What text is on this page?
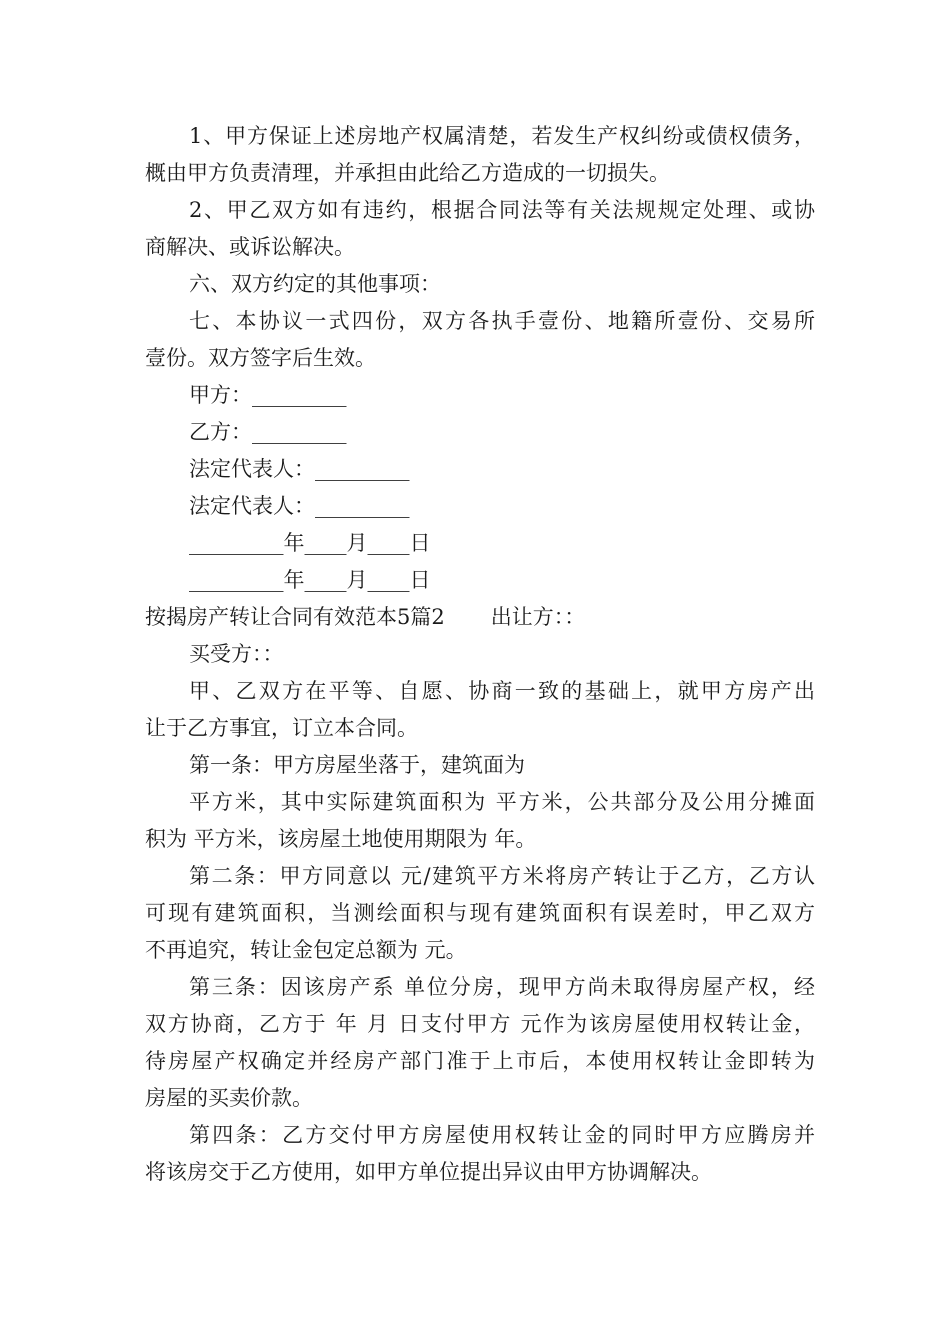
1、甲方保证上述房地产权属清楚，若发生产权纠纷或债权债务，
概由甲方负责清理，并承担由此给乙方造成的一切损失。
2、甲乙双方如有违约，根据合同法等有关法规规定处理、或协
商解决、或诉讼解决。
六、双方约定的其他事项：
七、本协议一式四份，双方各执手壹份、地籍所壹份、交易所
壹份。双方签字后生效。
甲方：_________
乙方：_________
法定代表人：_________
法定代表人：_________
_________年____月____日
_________年____月____日
按揭房产转让合同有效范本5篇2 出让方：：
买受方：：
甲、乙双方在平等、自愿、协商一致的基础上，就甲方房产出
让于乙方事宜，订立本合同。
第一条：甲方房屋坐落于，建筑面为
平方米，其中实际建筑面积为 平方米，公共部分及公用分摊面
积为 平方米，该房屋土地使用期限为 年。
第二条：甲方同意以 元/建筑平方米将房产转让于乙方，乙方认
可现有建筑面积，当测绘面积与现有建筑面积有误差时，甲乙双方
不再追究，转让金包定总额为 元。
第三条：因该房产系 单位分房，现甲方尚未取得房屋产权，经
双方协商，乙方于 年 月 日支付甲方 元作为该房屋使用权转让金，
待房屋产权确定并经房产部门准于上市后，本使用权转让金即转为
房屋的买卖价款。
第四条：乙方交付甲方房屋使用权转让金的同时甲方应腾房并
将该房交于乙方使用，如甲方单位提出异议由甲方协调解决。
